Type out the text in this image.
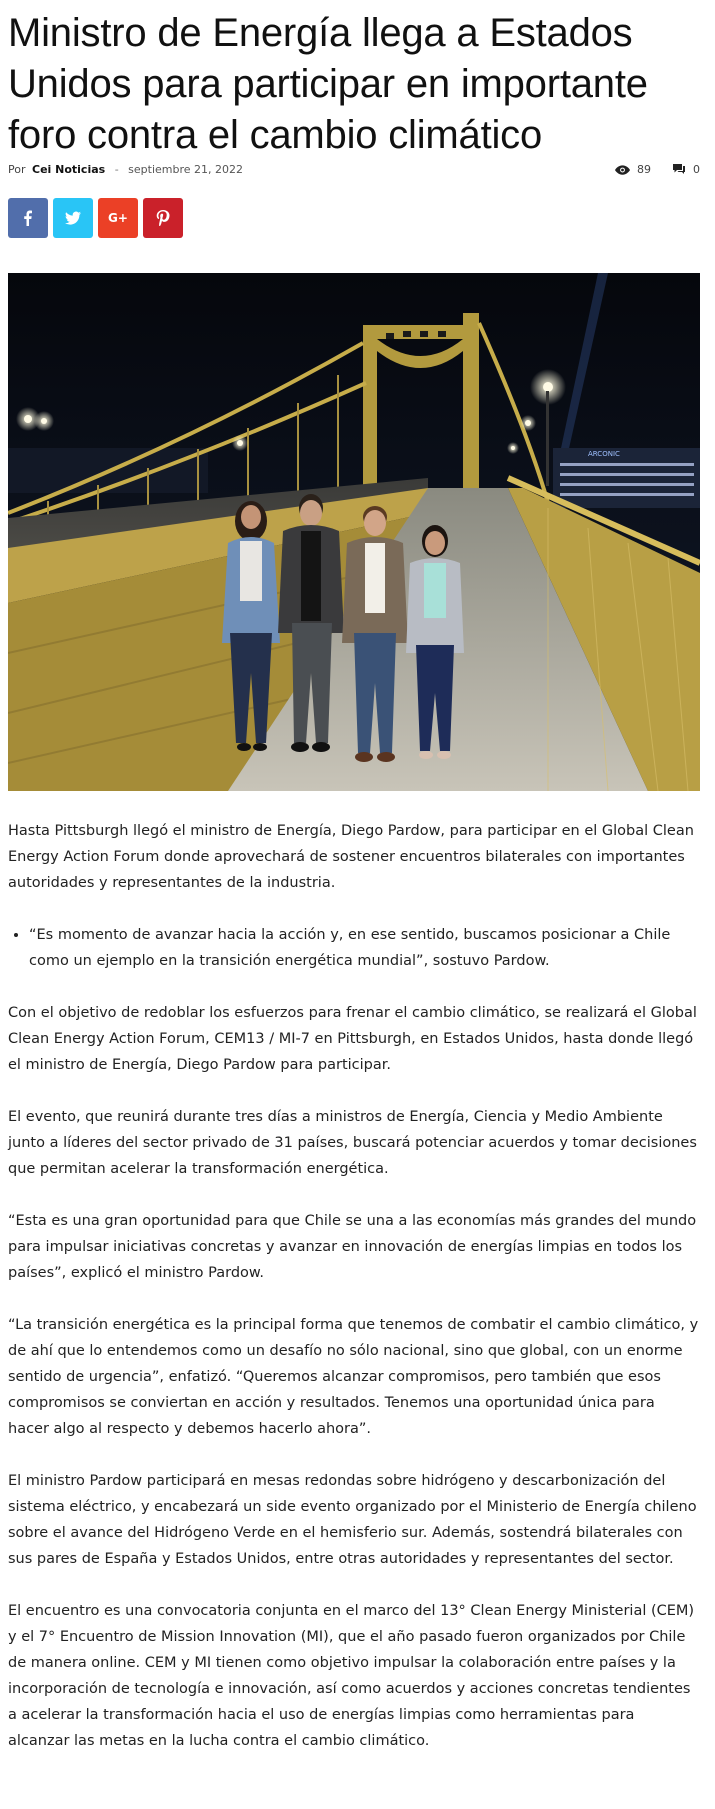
Ministro de Energía llega a Estados Unidos para participar en importante foro contra el cambio climático
Por Cei Noticias - septiembre 21, 2022	89	0
G+
ARCONIC

Hasta Pittsburgh llegó el ministro de Energía, Diego Pardow, para participar en el Global Clean Energy Action Forum donde aprovechará de sostener encuentros bilaterales con importantes autoridades y representantes de la industria.

• “Es momento de avanzar hacia la acción y, en ese sentido, buscamos posicionar a Chile como un ejemplo en la transición energética mundial”, sostuvo Pardow.

Con el objetivo de redoblar los esfuerzos para frenar el cambio climático, se realizará el Global Clean Energy Action Forum, CEM13 / MI-7 en Pittsburgh, en Estados Unidos, hasta donde llegó el ministro de Energía, Diego Pardow para participar.

El evento, que reunirá durante tres días a ministros de Energía, Ciencia y Medio Ambiente junto a líderes del sector privado de 31 países, buscará potenciar acuerdos y tomar decisiones que permitan acelerar la transformación energética.

“Esta es una gran oportunidad para que Chile se una a las economías más grandes del mundo para impulsar iniciativas concretas y avanzar en innovación de energías limpias en todos los países”, explicó el ministro Pardow.

“La transición energética es la principal forma que tenemos de combatir el cambio climático, y de ahí que lo entendemos como un desafío no sólo nacional, sino que global, con un enorme sentido de urgencia”, enfatizó. “Queremos alcanzar compromisos, pero también que esos compromisos se conviertan en acción y resultados. Tenemos una oportunidad única para hacer algo al respecto y debemos hacerlo ahora”.

El ministro Pardow participará en mesas redondas sobre hidrógeno y descarbonización del sistema eléctrico, y encabezará un side evento organizado por el Ministerio de Energía chileno sobre el avance del Hidrógeno Verde en el hemisferio sur. Además, sostendrá bilaterales con sus pares de España y Estados Unidos, entre otras autoridades y representantes del sector.

El encuentro es una convocatoria conjunta en el marco del 13° Clean Energy Ministerial (CEM) y el 7° Encuentro de Mission Innovation (MI), que el año pasado fueron organizados por Chile de manera online. CEM y MI tienen como objetivo impulsar la colaboración entre países y la incorporación de tecnología e innovación, así como acuerdos y acciones concretas tendientes a acelerar la transformación hacia el uso de energías limpias como herramientas para alcanzar las metas en la lucha contra el cambio climático.
